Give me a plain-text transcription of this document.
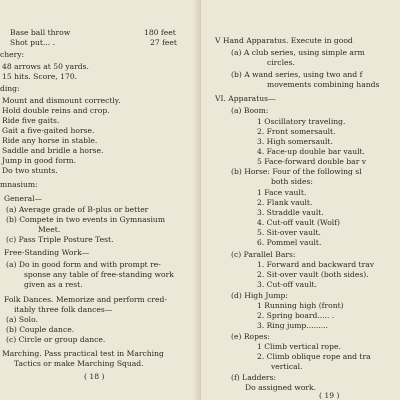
Base ball throw	180 feet
Shot put... .	27 feet
chery:
48 arrows at 50 yards.
15 hits. Score, 170.
ding:
Mount and dismount correctly.
Hold double reins and crop.
Ride five gaits.
Gait a five-gaited horse.
Ride any horse in stable.
Saddle and bridle a horse.
Jump in good form.
Do two stunts.
mnasium:
General—
(a) Average grade of B-plus or better
(b) Compete in two events in Gymnasium
Meet.
(c) Pass Triple Posture Test.
Free-Standing Work—
(a) Do in good form and with prompt re-
sponse any table of free-standing work
given as a rest.
Folk Dances. Memorize and perform cred-
itably three folk dances—
(a) Solo.
(b) Couple dance.
(c) Circle or group dance.
Marching. Pass practical test in Marching
Tactics or make Marching Squad.
( 18 )
V Hand Apparatus. Execute in good
(a) A club series, using simple arm
circles.
(b) A wand series, using two and f
movements combining hands
VI. Apparatus—
(a) Boom:
1 Oscillatory traveling.
2. Front somersault.
3. High somersault.
4. Face-up double bar vault.
5 Face-forward double bar v
(b) Horse: Four of the following sl
both sides:
1 Face vault.
2. Flank vault.
3. Straddle vault.
4. Cut-off vault (Wolf)
5. Sit-over vault.
6. Pommel vault.
(c) Parallel Bars:
1. Forward and backward trav
2. Sit-over vault (both sides).
3. Cut-off vault.
(d) High Jump:
1 Running high (front)
2. Spring board..... .
3. Ring jump.........
(e) Ropes:
1 Climb vertical rope.
2. Climb oblique rope and tra
vertical.
(f) Ladders:
Do assigned work.
( 19 )
